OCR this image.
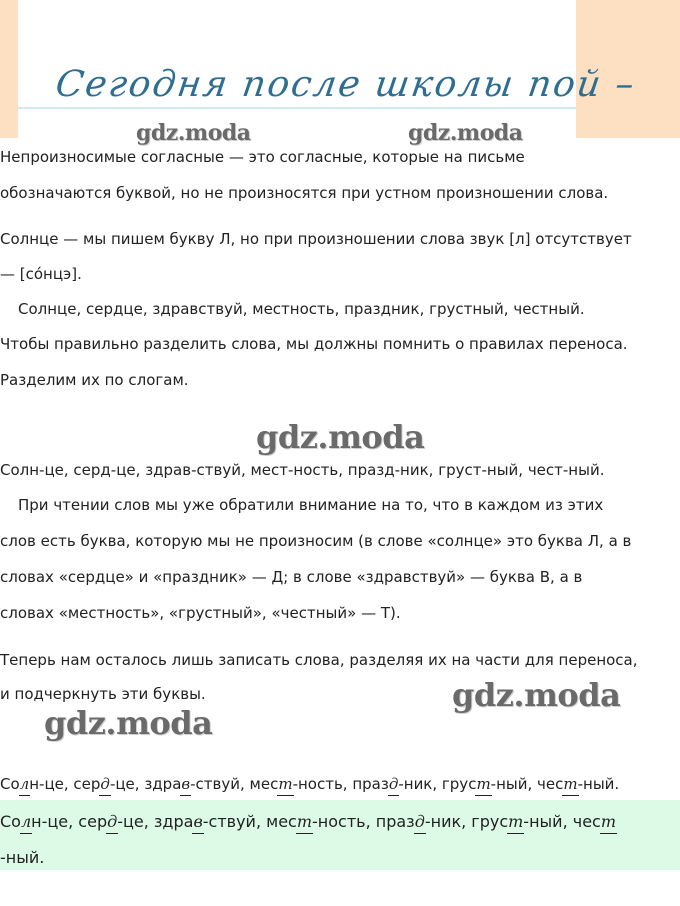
Сегодня после школы пой –
gdz.moda	gdz.moda
Непроизносимые согласные — это согласные, которые на письме
обозначаются буквой, но не произносятся при устном произношении слова.
Солнце — мы пишем букву Л, но при произношении слова звук [л] отсутствует
— [со́нцэ].
Солнце, сердце, здравствуй, местность, праздник, грустный, честный.
Чтобы правильно разделить слова, мы должны помнить о правилах переноса.
Разделим их по слогам.
gdz.moda
Солн-це, серд-це, здрав-ствуй, мест-ность, празд-ник, груст-ный, чест-ный.
При чтении слов мы уже обратили внимание на то, что в каждом из этих
слов есть буква, которую мы не произносим (в слове «солнце» это буква Л, а в
словах «сердце» и «праздник» — Д; в слове «здравствуй» — буква В, а в
словах «местность», «грустный», «честный» — Т).
Теперь нам осталось лишь записать слова, разделяя их на части для переноса,
и подчеркнуть эти буквы.	gdz.moda
gdz.moda
Солн-це, серд-це, здрав-ствуй, мест-ность, празд-ник, груст-ный, чест-ный.
Солн-це, серд-це, здрав-ствуй, мест-ность, празд-ник, груст-ный, чест
-ный.
